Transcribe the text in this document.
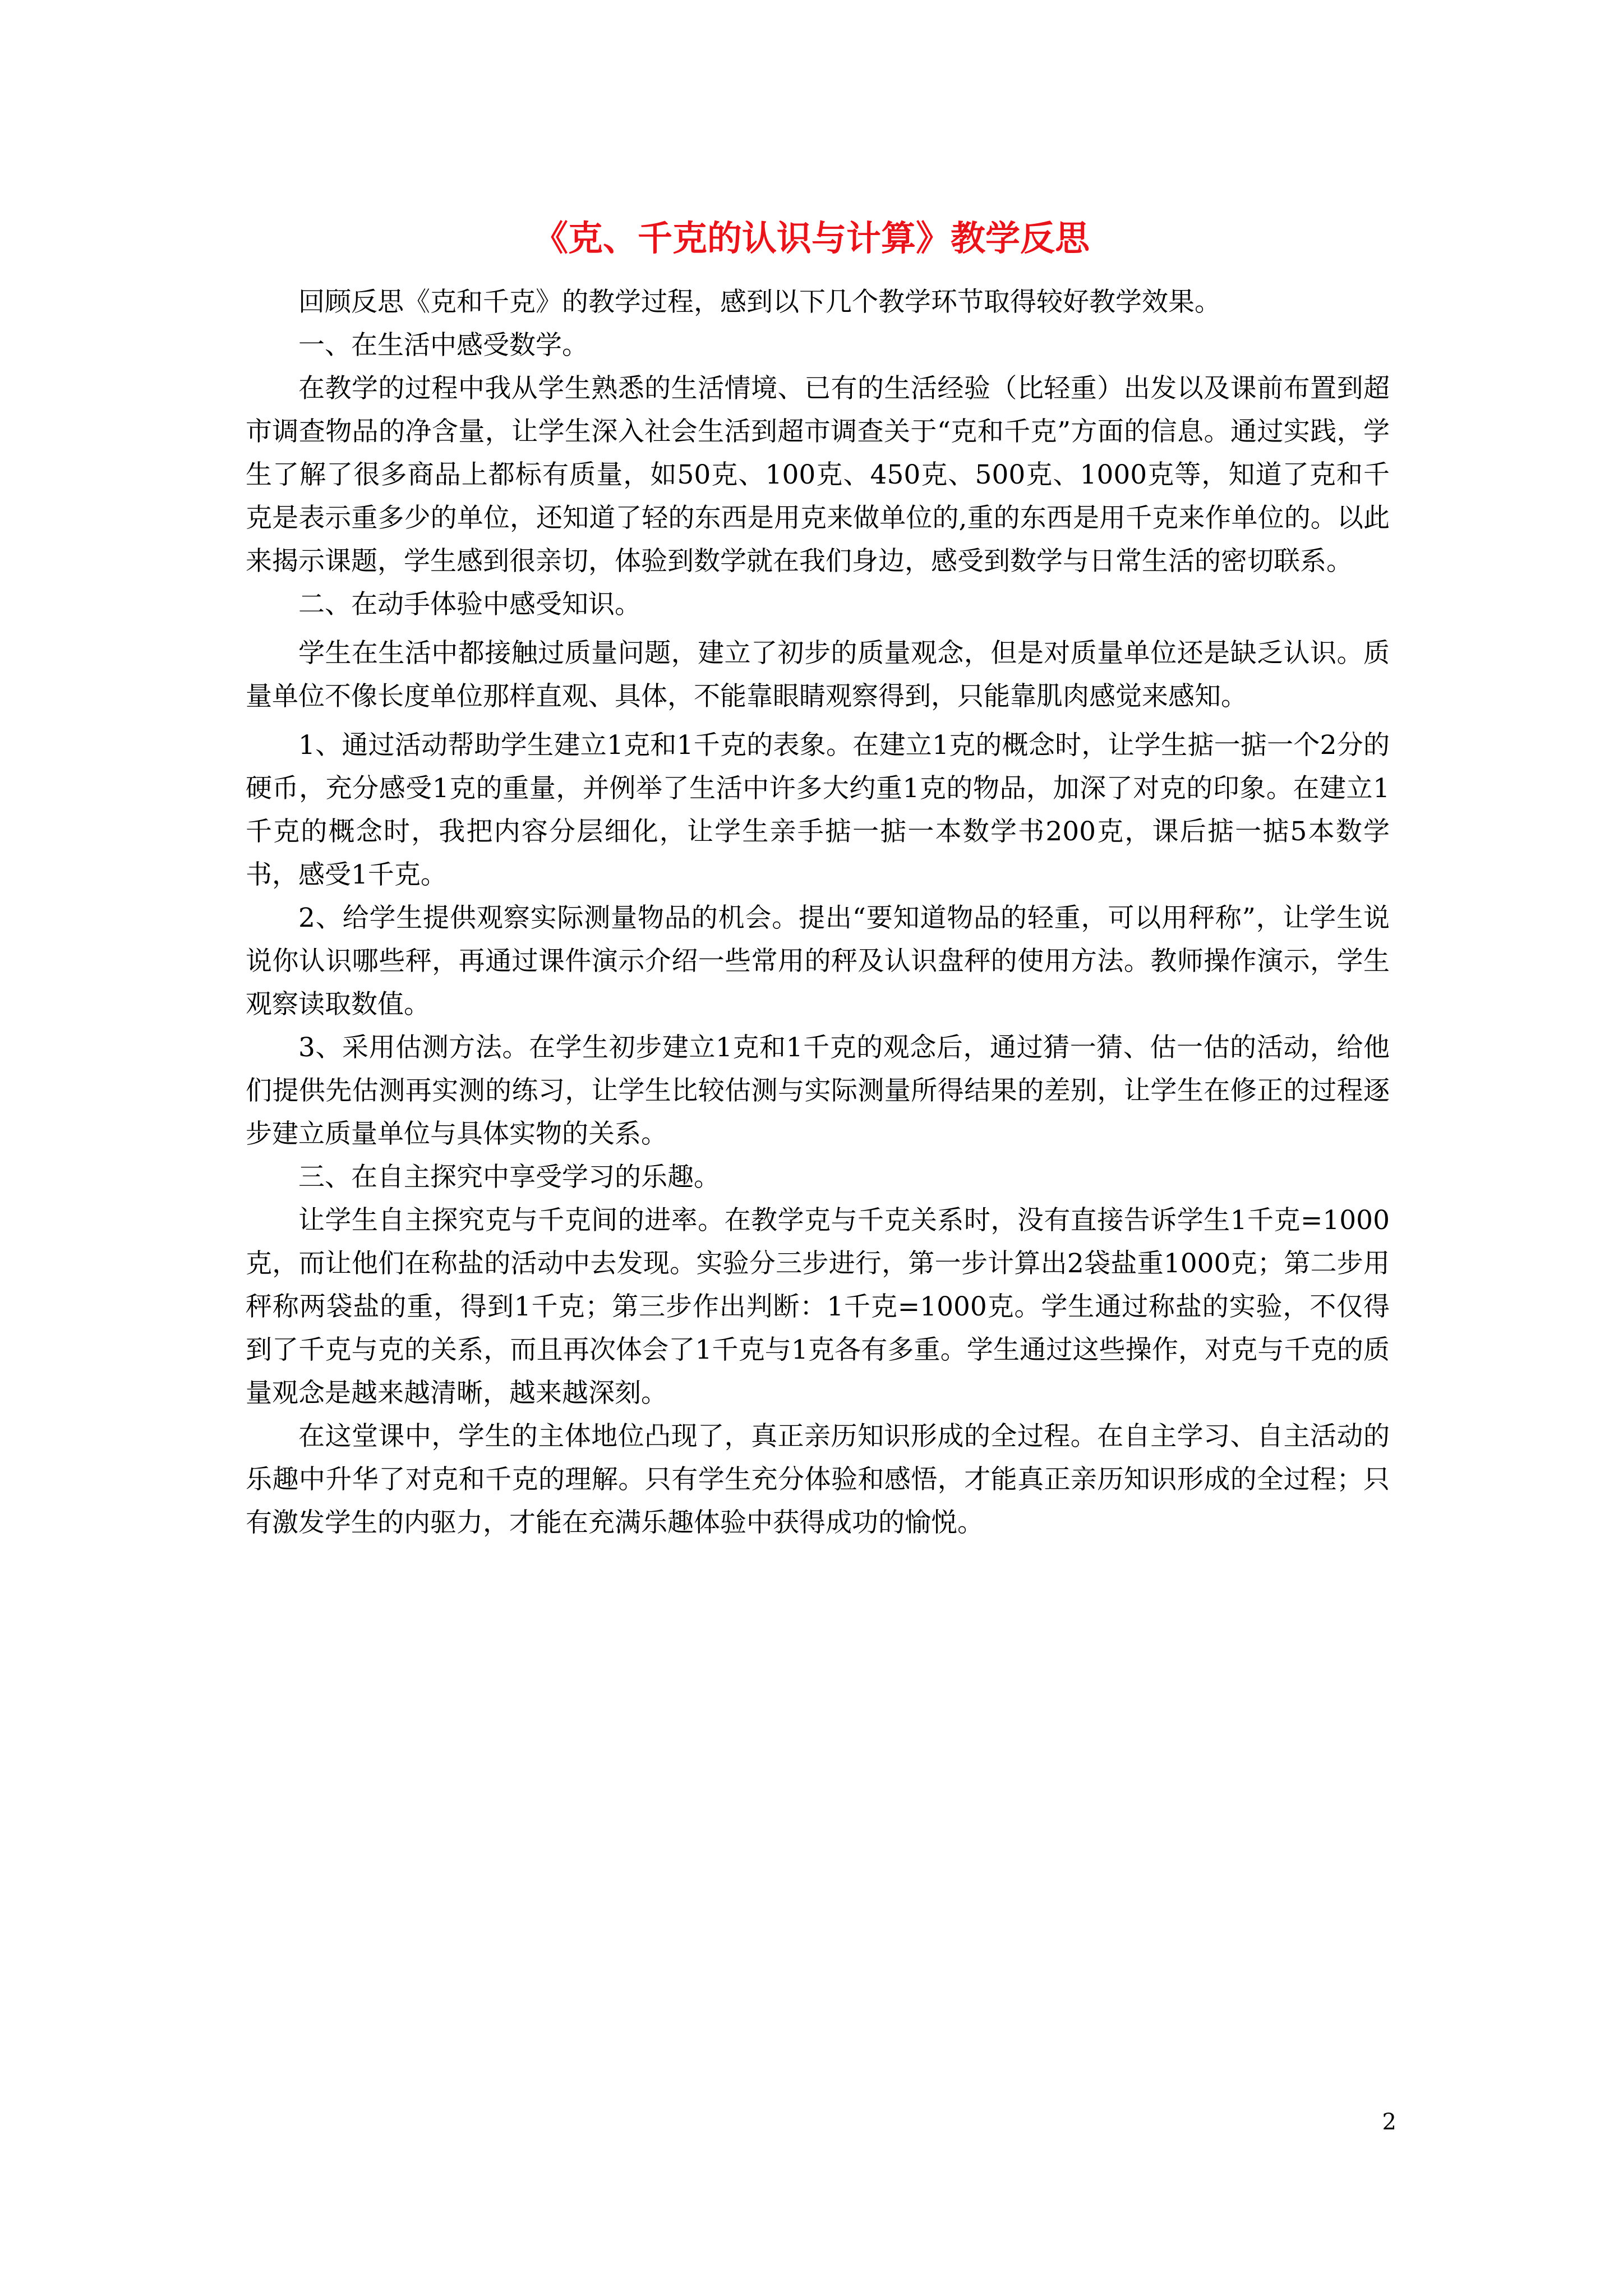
《克、千克的认识与计算》教学反思

回顾反思《克和千克》的教学过程，感到以下几个教学环节取得较好教学效果。

一、在生活中感受数学。

在教学的过程中我从学生熟悉的生活情境、已有的生活经验（比轻重）出发以及课前布置到超市调查物品的净含量，让学生深入社会生活到超市调查关于“克和千克”方面的信息。通过实践，学生了解了很多商品上都标有质量，如50克、100克、450克、500克、1000克等，知道了克和千克是表示重多少的单位，还知道了轻的东西是用克来做单位的,重的东西是用千克来作单位的。以此来揭示课题，学生感到很亲切，体验到数学就在我们身边，感受到数学与日常生活的密切联系。

二、在动手体验中感受知识。

学生在生活中都接触过质量问题，建立了初步的质量观念，但是对质量单位还是缺乏认识。质量单位不像长度单位那样直观、具体，不能靠眼睛观察得到，只能靠肌肉感觉来感知。

1、通过活动帮助学生建立1克和1千克的表象。在建立1克的概念时，让学生掂一掂一个2分的硬币，充分感受1克的重量，并例举了生活中许多大约重1克的物品，加深了对克的印象。在建立1千克的概念时，我把内容分层细化，让学生亲手掂一掂一本数学书200克，课后掂一掂5本数学书，感受1千克。

2、给学生提供观察实际测量物品的机会。提出“要知道物品的轻重，可以用秤称”，让学生说说你认识哪些秤，再通过课件演示介绍一些常用的秤及认识盘秤的使用方法。教师操作演示，学生观察读取数值。

3、采用估测方法。在学生初步建立1克和1千克的观念后，通过猜一猜、估一估的活动，给他们提供先估测再实测的练习，让学生比较估测与实际测量所得结果的差别，让学生在修正的过程逐步建立质量单位与具体实物的关系。

三、在自主探究中享受学习的乐趣。

让学生自主探究克与千克间的进率。在教学克与千克关系时，没有直接告诉学生1千克=1000克，而让他们在称盐的活动中去发现。实验分三步进行，第一步计算出2袋盐重1000克；第二步用秤称两袋盐的重，得到1千克；第三步作出判断：1千克=1000克。学生通过称盐的实验，不仅得到了千克与克的关系，而且再次体会了1千克与1克各有多重。学生通过这些操作，对克与千克的质量观念是越来越清晰，越来越深刻。

在这堂课中，学生的主体地位凸现了，真正亲历知识形成的全过程。在自主学习、自主活动的乐趣中升华了对克和千克的理解。只有学生充分体验和感悟，才能真正亲历知识形成的全过程；只有激发学生的内驱力，才能在充满乐趣体验中获得成功的愉悦。

2
